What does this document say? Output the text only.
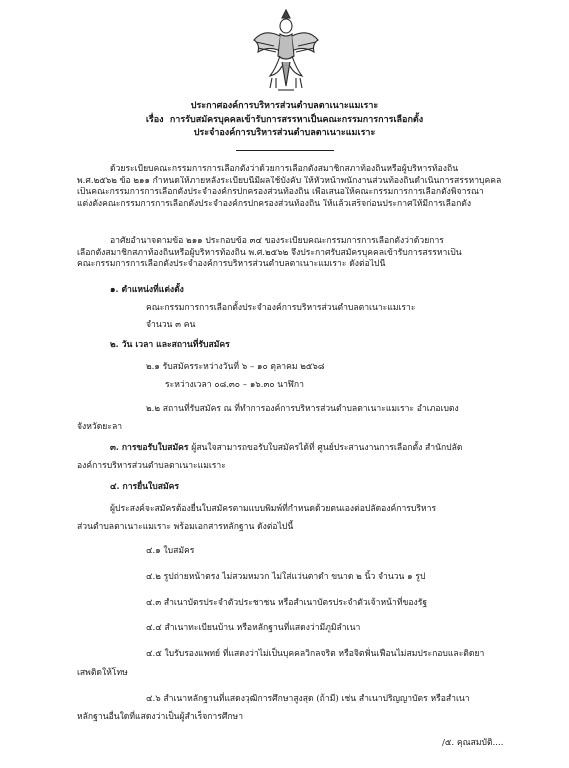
ประกาศองค์การบริหารส่วนตำบลตาเนาะแมเราะ
เรื่อง การรับสมัครบุคคลเข้ารับการสรรหาเป็นคณะกรรมการการเลือกตั้ง
ประจำองค์การบริหารส่วนตำบลตาเนาะแมเราะ
ด้วยระเบียบคณะกรรมการการเลือกตั้งว่าด้วยการเลือกตั้งสมาชิกสภาท้องถิ่นหรือผู้บริหารท้องถิ่น
พ.ศ.๒๕๖๒ ข้อ ๒๑๑ กำหนดให้ภายหลังระเบียบนี้มีผลใช้บังคับ ให้หัวหน้าพนักงานส่วนท้องถิ่นดำเนินการสรรหาบุคคล
เป็นคณะกรรมการการเลือกตั้งประจำองค์กรปกครองส่วนท้องถิ่น เพื่อเสนอให้คณะกรรมการการเลือกตั้งพิจารณา
แต่งตั้งคณะกรรมการการเลือกตั้งประจำองค์กรปกครองส่วนท้องถิ่น ให้แล้วเสร็จก่อนประกาศให้มีการเลือกตั้ง
อาศัยอำนาจตามข้อ ๒๑๑ ประกอบข้อ ๓๔ ของระเบียบคณะกรรมการการเลือกตั้งว่าด้วยการ
เลือกตั้งสมาชิกสภาท้องถิ่นหรือผู้บริหารท้องถิ่น พ.ศ.๒๕๖๒ จึงประกาศรับสมัครบุคคลเข้ารับการสรรหาเป็น
คณะกรรมการการเลือกตั้งประจำองค์การบริหารส่วนตำบลตาเนาะแมเราะ ดังต่อไปนี้
๑. ตำแหน่งที่แต่งตั้ง
คณะกรรมการการเลือกตั้งประจำองค์การบริหารส่วนตำบลตาเนาะแมเราะ
จำนวน ๓ คน
๒. วัน เวลา และสถานที่รับสมัคร
๒.๑ รับสมัครระหว่างวันที่ ๖ – ๑๐ ตุลาคม ๒๕๖๘
ระหว่างเวลา ๐๘.๓๐ – ๑๖.๓๐ นาฬิกา
๒.๒ สถานที่รับสมัคร ณ ที่ทำการองค์การบริหารส่วนตำบลตาเนาะแมเราะ อำเภอเบตง
จังหวัดยะลา
๓. การขอรับใบสมัคร ผู้สนใจสามารถขอรับใบสมัครได้ที่ ศูนย์ประสานงานการเลือกตั้ง สำนักปลัด
องค์การบริหารส่วนตำบลตาเนาะแมเราะ
๔. การยื่นใบสมัคร
ผู้ประสงค์จะสมัครต้องยื่นใบสมัครตามแบบพิมพ์ที่กำหนดด้วยตนเองต่อปลัดองค์การบริหาร
ส่วนตำบลตาเนาะแมเราะ พร้อมเอกสารหลักฐาน ดังต่อไปนี้
๔.๑ ใบสมัคร
๔.๒ รูปถ่ายหน้าตรง ไม่สวมหมวก ไม่ใส่แว่นตาดำ ขนาด ๒ นิ้ว จำนวน ๑ รูป
๔.๓ สำเนาบัตรประจำตัวประชาชน หรือสำเนาบัตรประจำตัวเจ้าหน้าที่ของรัฐ
๔.๔ สำเนาทะเบียนบ้าน หรือหลักฐานที่แสดงว่ามีภูมิลำเนา
๔.๕ ใบรับรองแพทย์ ที่แสดงว่าไม่เป็นบุคคลวิกลจริต หรือจิตฟั่นเฟือนไม่สมประกอบและติดยา
เสพติดให้โทษ
๔.๖ สำเนาหลักฐานที่แสดงวุฒิการศึกษาสูงสุด (ถ้ามี) เช่น สำเนาปริญญาบัตร หรือสำเนา
หลักฐานอื่นใดที่แสดงว่าเป็นผู้สำเร็จการศึกษา
/๕. คุณสมบัติ....
